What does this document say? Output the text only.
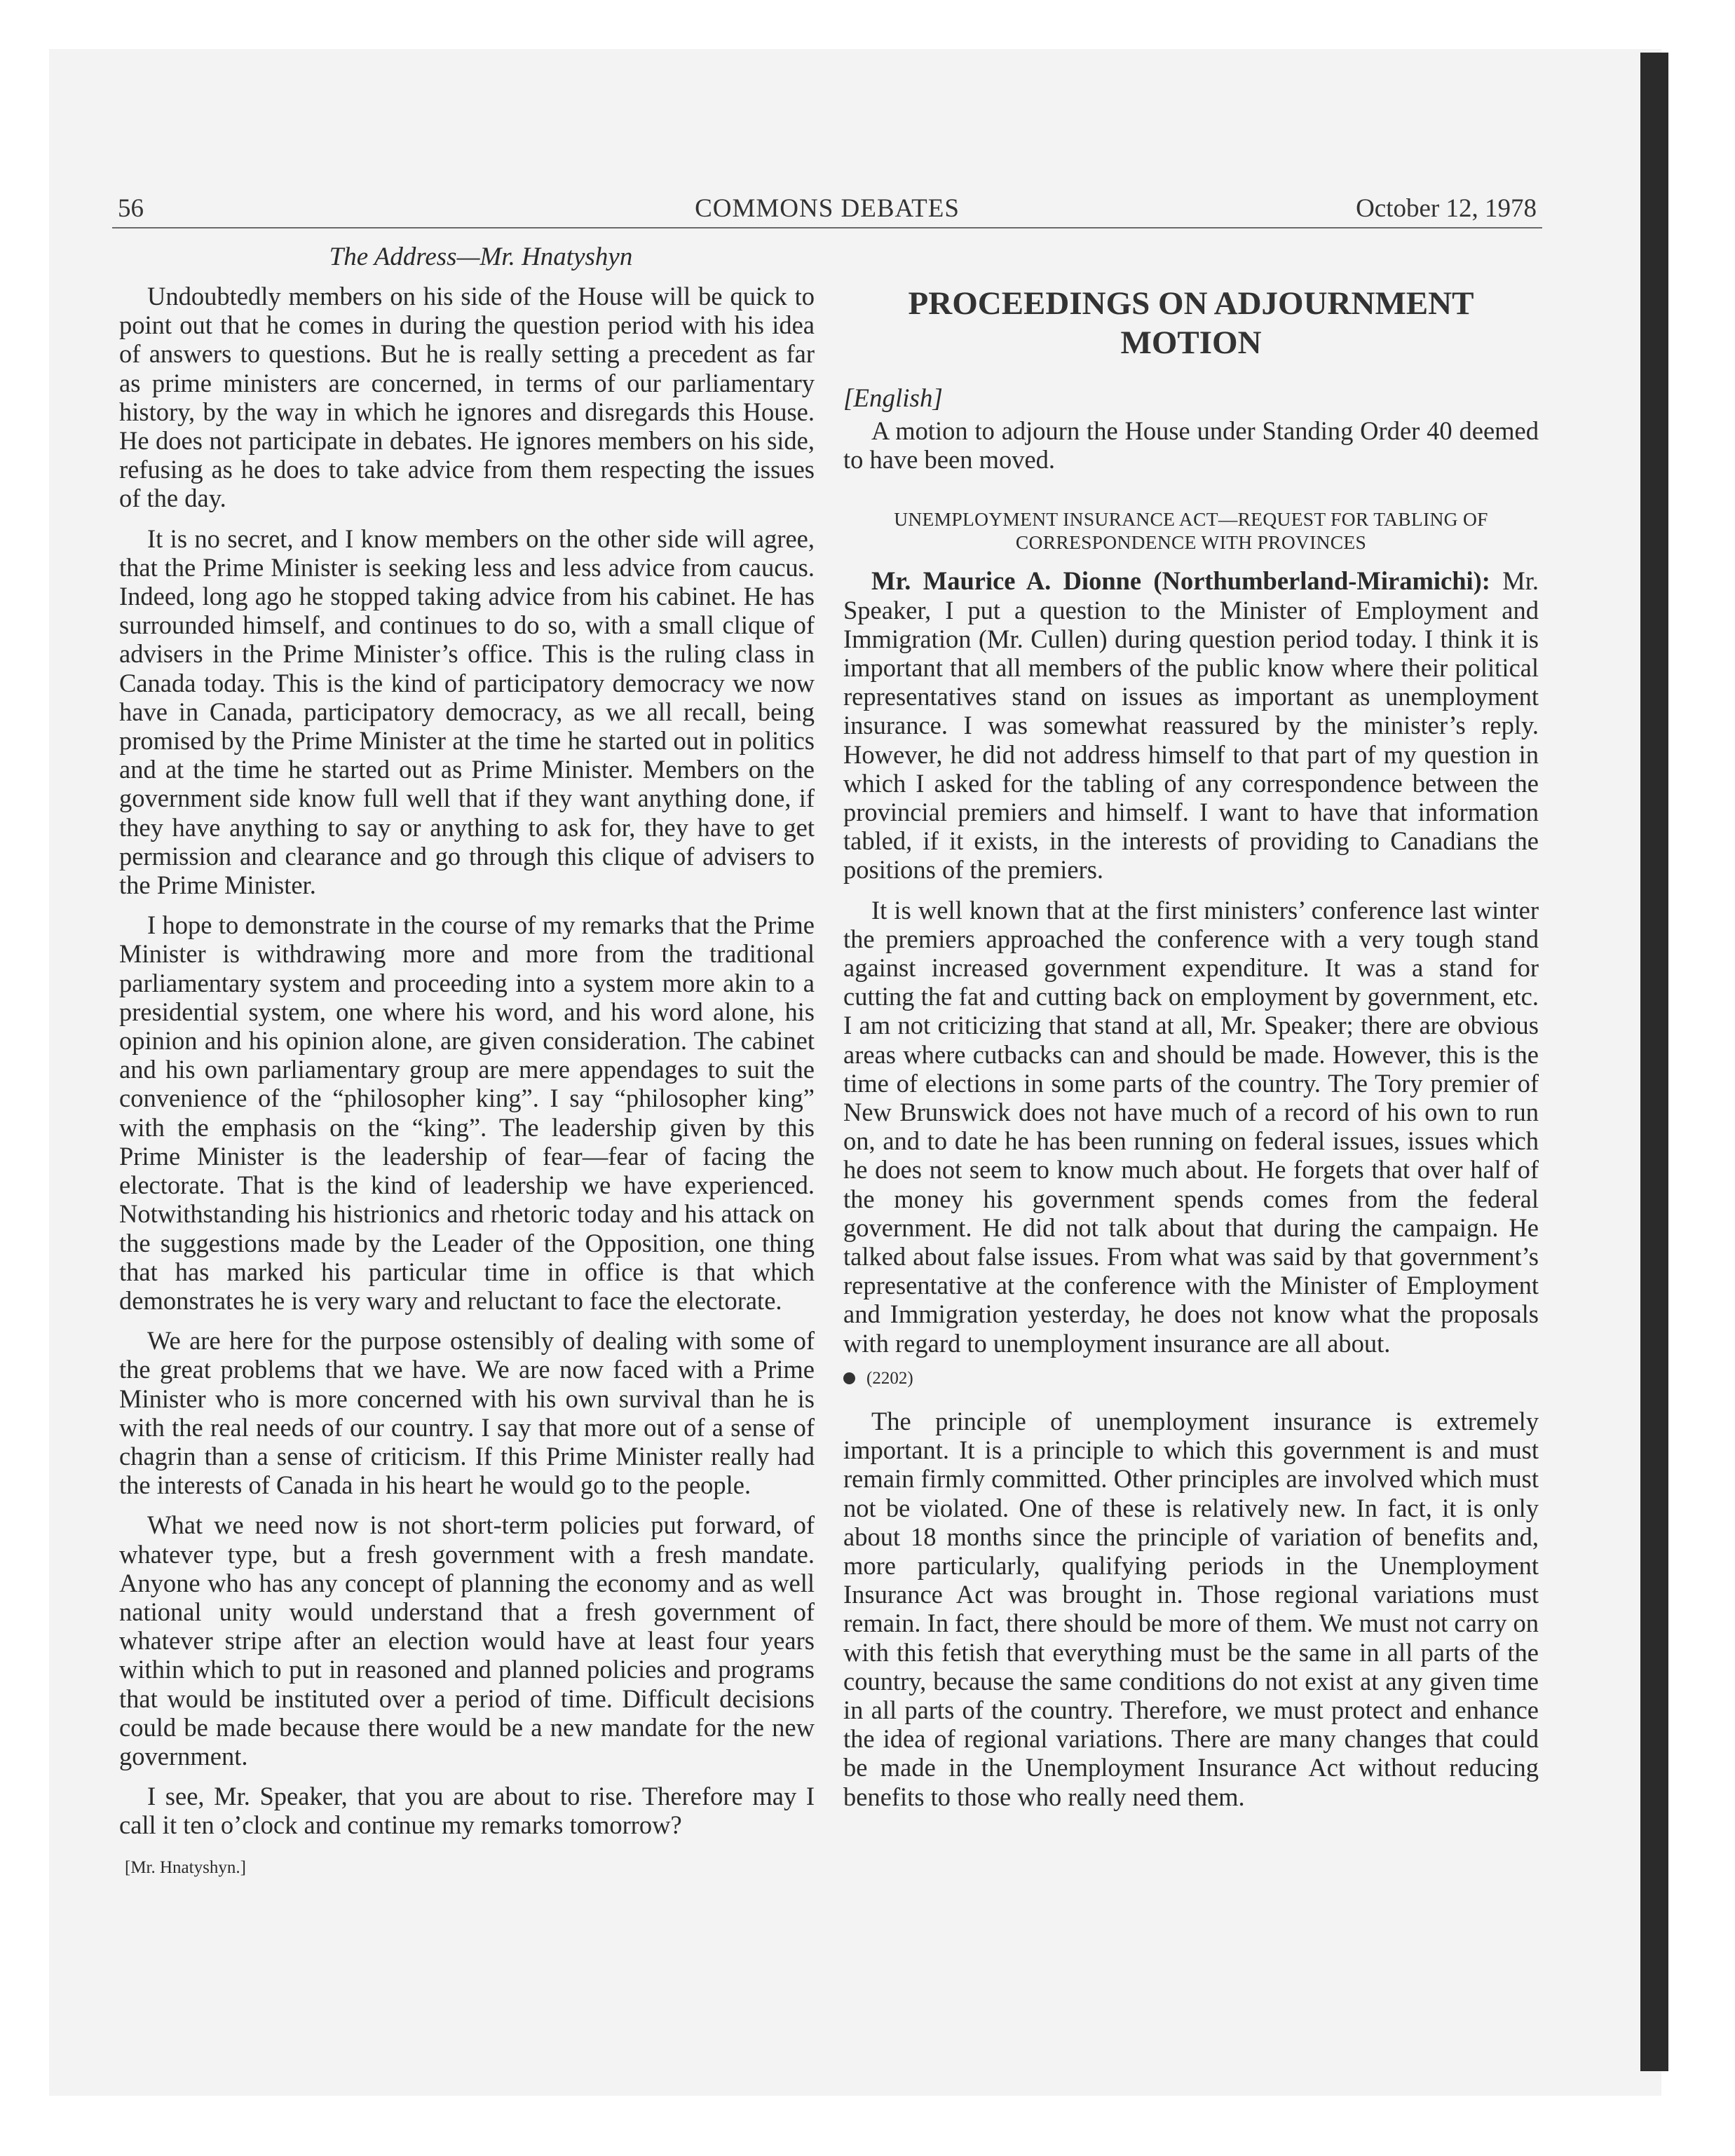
56	COMMONS DEBATES	October 12, 1978
The Address—Mr. Hnatyshyn

Undoubtedly members on his side of the House will be quick to point out that he comes in during the question period with his idea of answers to questions. But he is really setting a precedent as far as prime ministers are concerned, in terms of our parliamentary history, by the way in which he ignores and disregards this House. He does not participate in debates. He ignores members on his side, refusing as he does to take advice from them respecting the issues of the day.

It is no secret, and I know members on the other side will agree, that the Prime Minister is seeking less and less advice from caucus. Indeed, long ago he stopped taking advice from his cabinet. He has surrounded himself, and continues to do so, with a small clique of advisers in the Prime Minister’s office. This is the ruling class in Canada today. This is the kind of participatory democracy we now have in Canada, participatory democracy, as we all recall, being promised by the Prime Minister at the time he started out in politics and at the time he started out as Prime Minister. Members on the government side know full well that if they want anything done, if they have anything to say or anything to ask for, they have to get permission and clearance and go through this clique of advisers to the Prime Minister.

I hope to demonstrate in the course of my remarks that the Prime Minister is withdrawing more and more from the traditional parliamentary system and proceeding into a system more akin to a presidential system, one where his word, and his word alone, his opinion and his opinion alone, are given consideration. The cabinet and his own parliamentary group are mere appendages to suit the convenience of the “philosopher king”. I say “philosopher king” with the emphasis on the “king”. The leadership given by this Prime Minister is the leadership of fear—fear of facing the electorate. That is the kind of leadership we have experienced. Notwithstanding his histrionics and rhetoric today and his attack on the suggestions made by the Leader of the Opposition, one thing that has marked his particular time in office is that which demonstrates he is very wary and reluctant to face the electorate.

We are here for the purpose ostensibly of dealing with some of the great problems that we have. We are now faced with a Prime Minister who is more concerned with his own survival than he is with the real needs of our country. I say that more out of a sense of chagrin than a sense of criticism. If this Prime Minister really had the interests of Canada in his heart he would go to the people.

What we need now is not short-term policies put forward, of whatever type, but a fresh government with a fresh mandate. Anyone who has any concept of planning the economy and as well national unity would understand that a fresh government of whatever stripe after an election would have at least four years within which to put in reasoned and planned policies and programs that would be instituted over a period of time. Difficult decisions could be made because there would be a new mandate for the new government.

I see, Mr. Speaker, that you are about to rise. Therefore may I call it ten o’clock and continue my remarks tomorrow?

[Mr. Hnatyshyn.]
PROCEEDINGS ON ADJOURNMENT MOTION
[English]

A motion to adjourn the House under Standing Order 40 deemed to have been moved.

UNEMPLOYMENT INSURANCE ACT—REQUEST FOR TABLING OF CORRESPONDENCE WITH PROVINCES

Mr. Maurice A. Dionne (Northumberland-Miramichi): Mr. Speaker, I put a question to the Minister of Employment and Immigration (Mr. Cullen) during question period today. I think it is important that all members of the public know where their political representatives stand on issues as important as unemployment insurance. I was somewhat reassured by the minister’s reply. However, he did not address himself to that part of my question in which I asked for the tabling of any correspondence between the provincial premiers and himself. I want to have that information tabled, if it exists, in the interests of providing to Canadians the positions of the premiers.

It is well known that at the first ministers’ conference last winter the premiers approached the conference with a very tough stand against increased government expenditure. It was a stand for cutting the fat and cutting back on employment by government, etc. I am not criticizing that stand at all, Mr. Speaker; there are obvious areas where cutbacks can and should be made. However, this is the time of elections in some parts of the country. The Tory premier of New Brunswick does not have much of a record of his own to run on, and to date he has been running on federal issues, issues which he does not seem to know much about. He forgets that over half of the money his government spends comes from the federal government. He did not talk about that during the campaign. He talked about false issues. From what was said by that government’s representative at the conference with the Minister of Employment and Immigration yesterday, he does not know what the proposals with regard to unemployment insurance are all about.

(2202)

The principle of unemployment insurance is extremely important. It is a principle to which this government is and must remain firmly committed. Other principles are involved which must not be violated. One of these is relatively new. In fact, it is only about 18 months since the principle of variation of benefits and, more particularly, qualifying periods in the Unemployment Insurance Act was brought in. Those regional variations must remain. In fact, there should be more of them. We must not carry on with this fetish that everything must be the same in all parts of the country, because the same conditions do not exist at any given time in all parts of the country. Therefore, we must protect and enhance the idea of regional variations. There are many changes that could be made in the Unemployment Insurance Act without reducing benefits to those who really need them.
